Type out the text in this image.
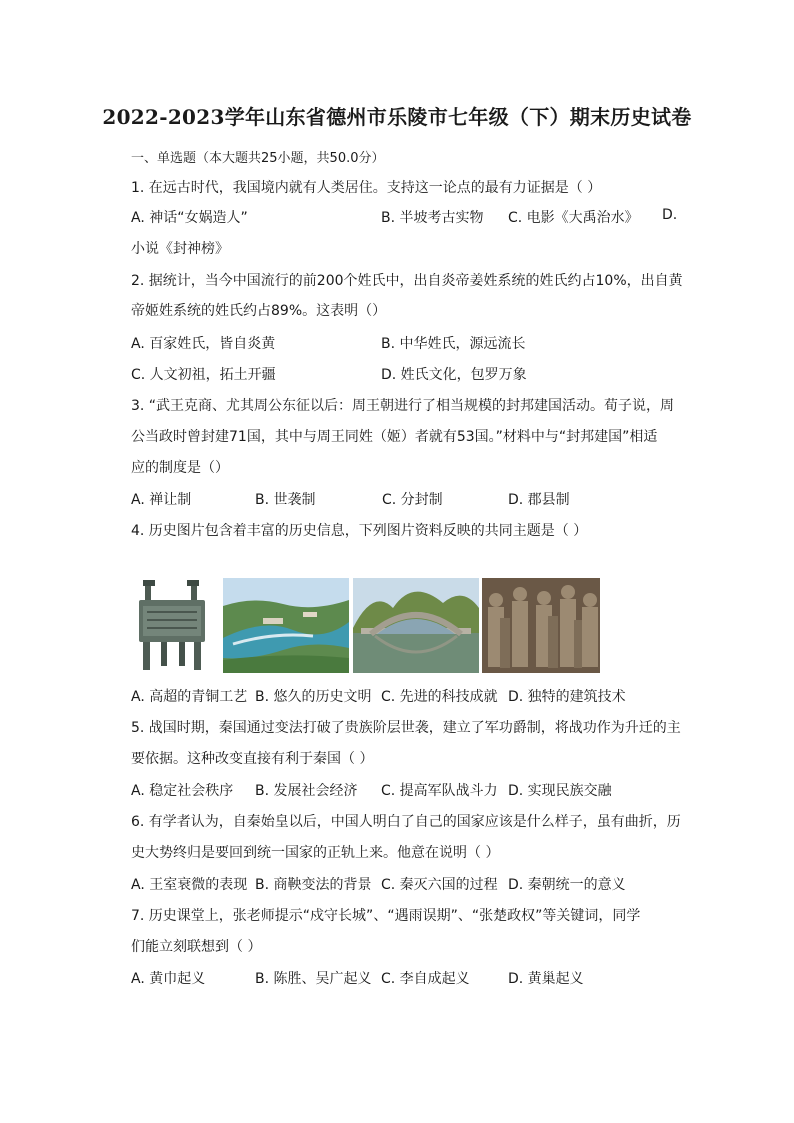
2022-2023学年山东省德州市乐陵市七年级（下）期末历史试卷
一、单选题（本大题共25小题，共50.0分）
1. 在远古时代，我国境内就有人类居住。支持这一论点的最有力证据是（ ）
A. 神话“女娲造人”	B. 半坡考古实物 C. 电影《大禹治水》 D.
小说《封神榜》
2. 据统计，当今中国流行的前200个姓氏中，出自炎帝姜姓系统的姓氏约占10%，出自黄
帝姬姓系统的姓氏约占89%。这表明（）
A. 百家姓氏，皆自炎黄	B. 中华姓氏，源远流长
C. 人文初祖，拓土开疆	D. 姓氏文化，包罗万象
3. “武王克商、尤其周公东征以后：周王朝进行了相当规模的封邦建国活动。荀子说，周
公当政时曾封建71国，其中与周王同姓（姬）者就有53国。”材料中与“封邦建国”相适
应的制度是（）
A. 禅让制	B. 世袭制	C. 分封制	D. 郡县制
4. 历史图片包含着丰富的历史信息，下列图片资料反映的共同主题是（ ）
A. 高超的青铜工艺 B. 悠久的历史文明 C. 先进的科技成就 D. 独特的建筑技术
5. 战国时期，秦国通过变法打破了贵族阶层世袭，建立了军功爵制，将战功作为升迁的主
要依据。这种改变直接有利于秦国（ ）
A. 稳定社会秩序 B. 发展社会经济 C. 提高军队战斗力 D. 实现民族交融
6. 有学者认为，自秦始皇以后，中国人明白了自己的国家应该是什么样子，虽有曲折，历
史大势终归是要回到统一国家的正轨上来。他意在说明（ ）
A. 王室衰微的表现 B. 商鞅变法的背景 C. 秦灭六国的过程 D. 秦朝统一的意义
7. 历史课堂上，张老师提示“戍守长城”、“遇雨误期”、“张楚政权”等关键词，同学
们能立刻联想到（ ）
A. 黄巾起义	B. 陈胜、吴广起义 C. 李自成起义	D. 黄巢起义
